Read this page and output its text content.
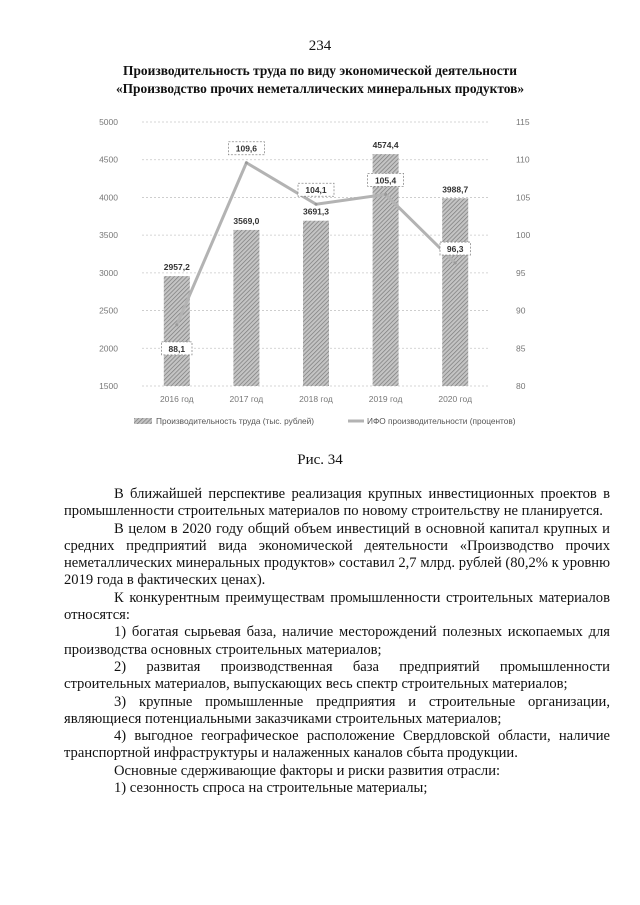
234
Производительность труда по виду экономической деятельности
«Производство прочих неметаллических минеральных продуктов»
2957,2
3569,0
3691,3
4574,4
3988,7
88,1
109,6
104,1
105,4
96,3
1500	80
2000	85
2500	90
3000	95
3500	100
4000	105
4500	110
5000	115
2016 год	2017 год	2018 год	2019 год	2020 год
Производительность труда (тыс. рублей)	ИФО производительности (процентов)
Рис. 34

В ближайшей перспективе реализация крупных инвестиционных проектов в промышленности строительных материалов по новому строительству не планируется.

В целом в 2020 году общий объем инвестиций в основной капитал крупных и средних предприятий вида экономической деятельности «Производство прочих неметаллических минеральных продуктов» составил 2,7 млрд. рублей (80,2% к уровню 2019 года в фактических ценах).

К конкурентным преимуществам промышленности строительных материалов относятся:

1) богатая сырьевая база, наличие месторождений полезных ископаемых для производства основных строительных материалов;

2) развитая производственная база предприятий промышленности строительных материалов, выпускающих весь спектр строительных материалов;

3) крупные промышленные предприятия и строительные организации, являющиеся потенциальными заказчиками строительных материалов;

4) выгодное географическое расположение Свердловской области, наличие транспортной инфраструктуры и налаженных каналов сбыта продукции.

Основные сдерживающие факторы и риски развития отрасли:

1) сезонность спроса на строительные материалы;
